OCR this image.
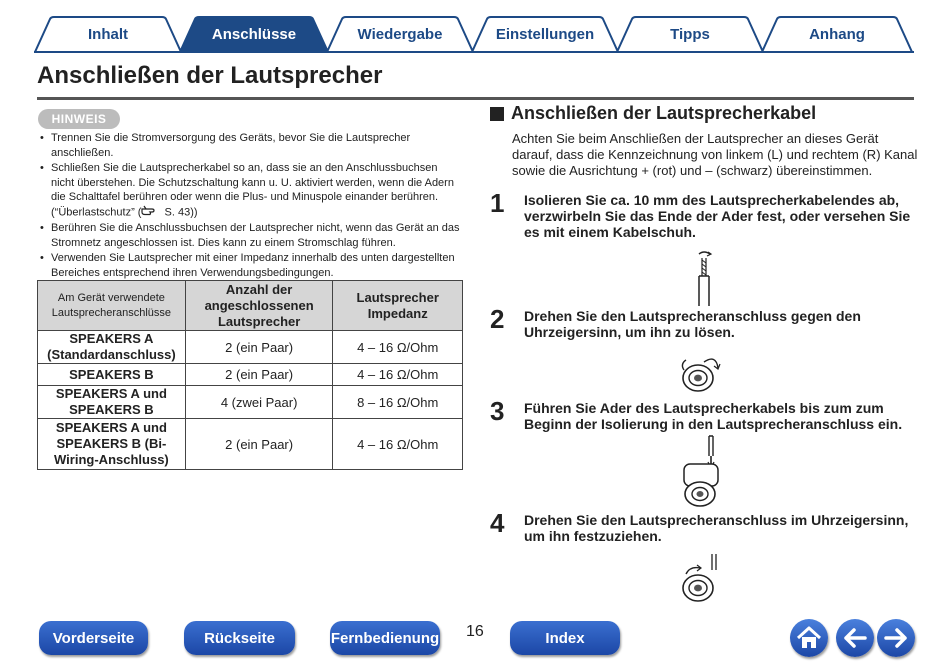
Inhalt	Anschlüsse	Wiedergabe	Einstellungen	Tipps	Anhang
Anschließen der Lautsprecher
HINWEIS
• Trennen Sie die Stromversorgung des Geräts, bevor Sie die Lautsprecher anschließen.
• Schließen Sie die Lautsprecherkabel so an, dass sie an den Anschlussbuchsen nicht überstehen. Die Schutzschaltung kann u. U. aktiviert werden, wenn die Adern die Schalttafel berühren oder wenn die Plus- und Minuspole einander berühren. (“Überlastschutz” ( S. 43))
• Berühren Sie die Anschlussbuchsen der Lautsprecher nicht, wenn das Gerät an das Stromnetz angeschlossen ist. Dies kann zu einem Stromschlag führen.
• Verwenden Sie Lautsprecher mit einer Impedanz innerhalb des unten dargestellten Bereiches entsprechend ihren Verwendungsbedingungen.
Am Gerät verwendete Lautsprecheranschlüsse	Anzahl der angeschlossenen Lautsprecher	Lautsprecher Impedanz
SPEAKERS A (Standardanschluss)	2 (ein Paar)	4 – 16 Ω/Ohm
SPEAKERS B	2 (ein Paar)	4 – 16 Ω/Ohm
SPEAKERS A und SPEAKERS B	4 (zwei Paar)	8 – 16 Ω/Ohm
SPEAKERS A und SPEAKERS B (Bi-Wiring-Anschluss)	2 (ein Paar)	4 – 16 Ω/Ohm
Anschließen der Lautsprecherkabel
Achten Sie beim Anschließen der Lautsprecher an dieses Gerät darauf, dass die Kennzeichnung von linkem (L) und rechtem (R) Kanal sowie die Ausrichtung + (rot) und – (schwarz) übereinstimmen.
1 Isolieren Sie ca. 10 mm des Lautsprecherkabelendes ab, verzwirbeln Sie das Ende der Ader fest, oder versehen Sie es mit einem Kabelschuh.
2 Drehen Sie den Lautsprecheranschluss gegen den Uhrzeigersinn, um ihn zu lösen.
3 Führen Sie Ader des Lautsprecherkabels bis zum zum Beginn der Isolierung in den Lautsprecheranschluss ein.
4 Drehen Sie den Lautsprecheranschluss im Uhrzeigersinn, um ihn festzuziehen.
Vorderseite	Rückseite	Fernbedienung 16	Index
